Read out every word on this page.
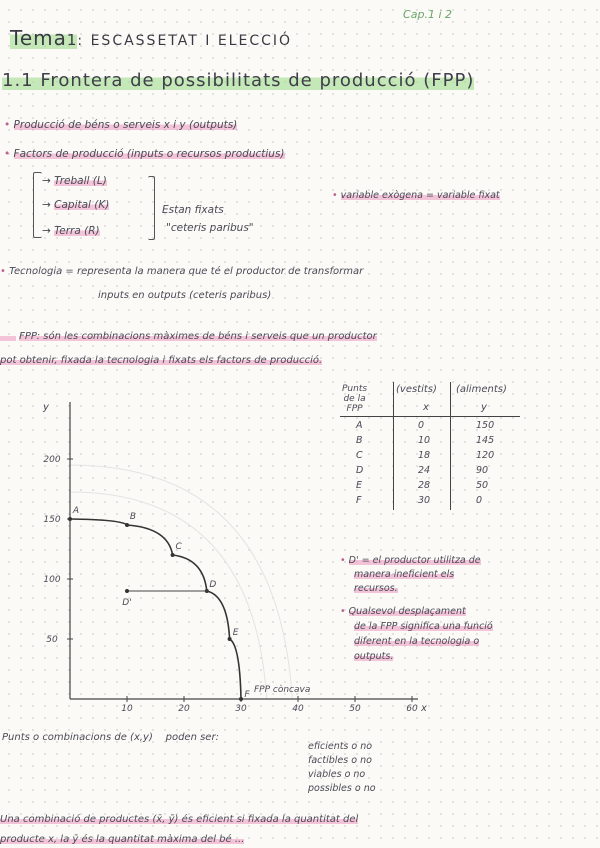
Cap.1 i 2
Tema1: ESCASSETAT I ELECCIÓ
1.1 Frontera de possibilitats de producció (FPP)
• Producció de béns o serveis x i y (outputs)
• Factors de producció (inputs o recursos productius)
→ Treball (L)
→ Capital (K)
→ Terra (R)
Estan fixats
"ceteris paribus"
• variable exògena = variable fixat
• Tecnologia = representa la manera que té el productor de transformar
inputs en outputs (ceteris paribus)
FPP: són les combinacions màximes de béns i serveis que un productor
pot obtenir, fixada la tecnologia i fixats els factors de producció.
Punts
de la
FPP
(vestits) (aliments)
x	y
A	0	150
B	10	145
C	18	120
D	24	90
E	28	50
F	30	0
y
x
50
100
150
200
10	20	30	40	50	60
A
B
C
D
E
F
D'
FPP còncava
• D' = el productor utilitza de
manera ineficient els
recursos.
• Qualsevol desplaçament
de la FPP significa una funció
diferent en la tecnologia o
outputs.
Punts o combinacions de (x,y) poden ser:
eficients o no
factibles o no
viables o no
possibles o no
Una combinació de productes (x̄, ȳ) és eficient si fixada la quantitat del
producte x, la ȳ és la quantitat màxima del bé ...
